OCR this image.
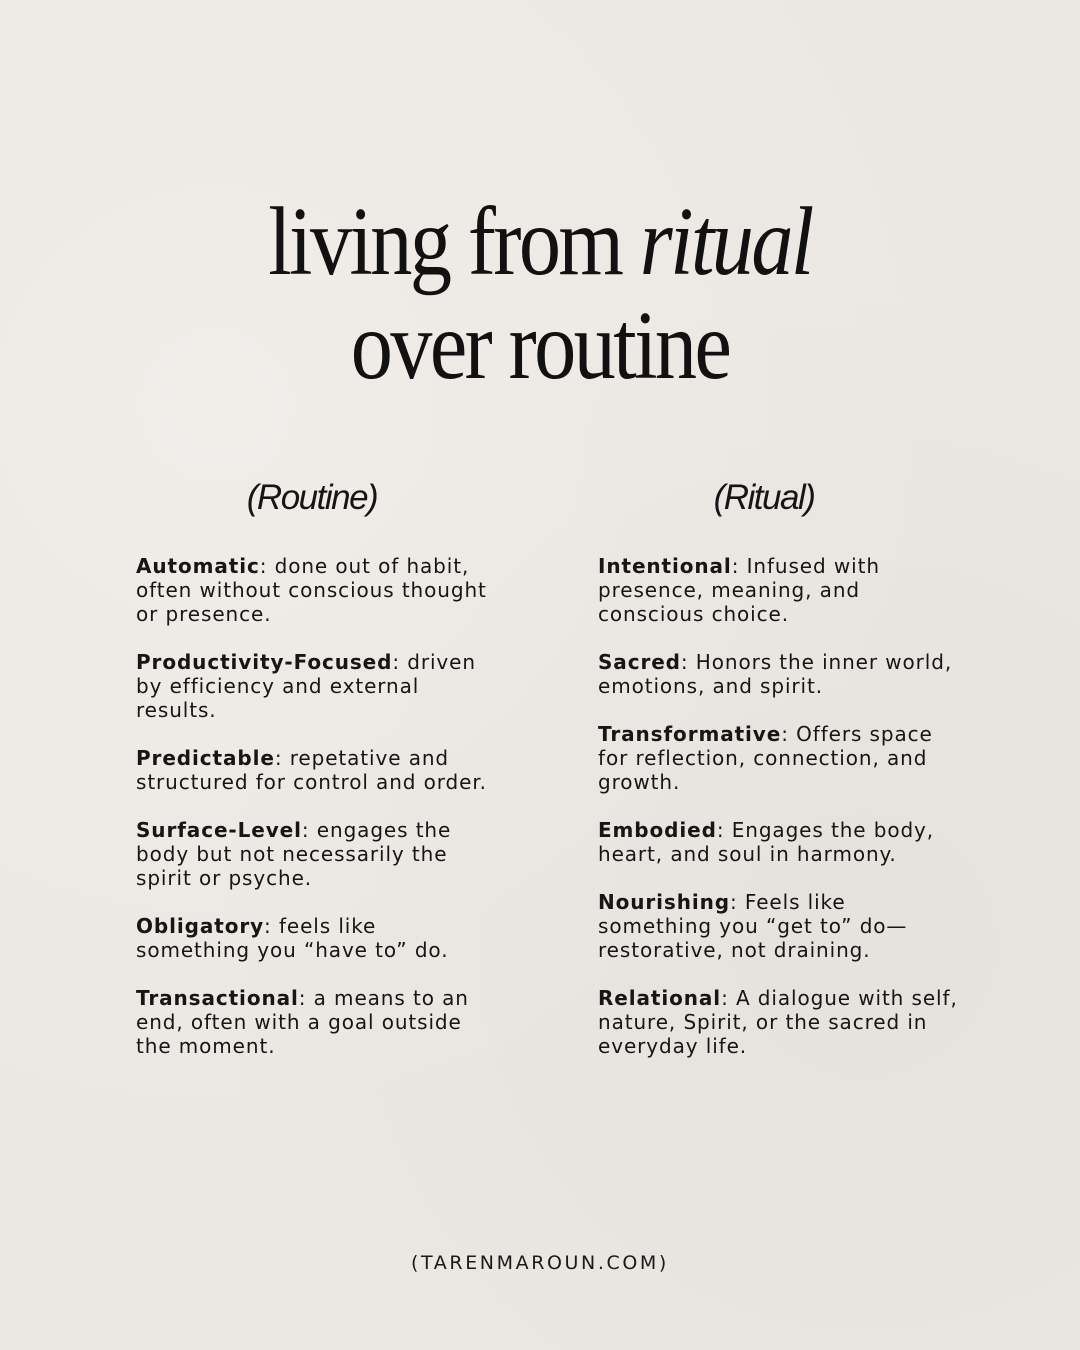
living from ritual
over routine
(Routine)	(Ritual)
Automatic: done out of habit, often without conscious thought or presence.
Productivity-Focused: driven by efficiency and external results.
Predictable: repetative and structured for control and order.
Surface-Level: engages the body but not necessarily the spirit or psyche.
Obligatory: feels like something you “have to” do.
Transactional: a means to an end, often with a goal outside the moment.
Intentional: Infused with presence, meaning, and conscious choice.
Sacred: Honors the inner world, emotions, and spirit.
Transformative: Offers space for reflection, connection, and growth.
Embodied: Engages the body, heart, and soul in harmony.
Nourishing: Feels like something you “get to” do—restorative, not draining.
Relational: A dialogue with self, nature, Spirit, or the sacred in everyday life.
(TARENMAROUN.COM)
